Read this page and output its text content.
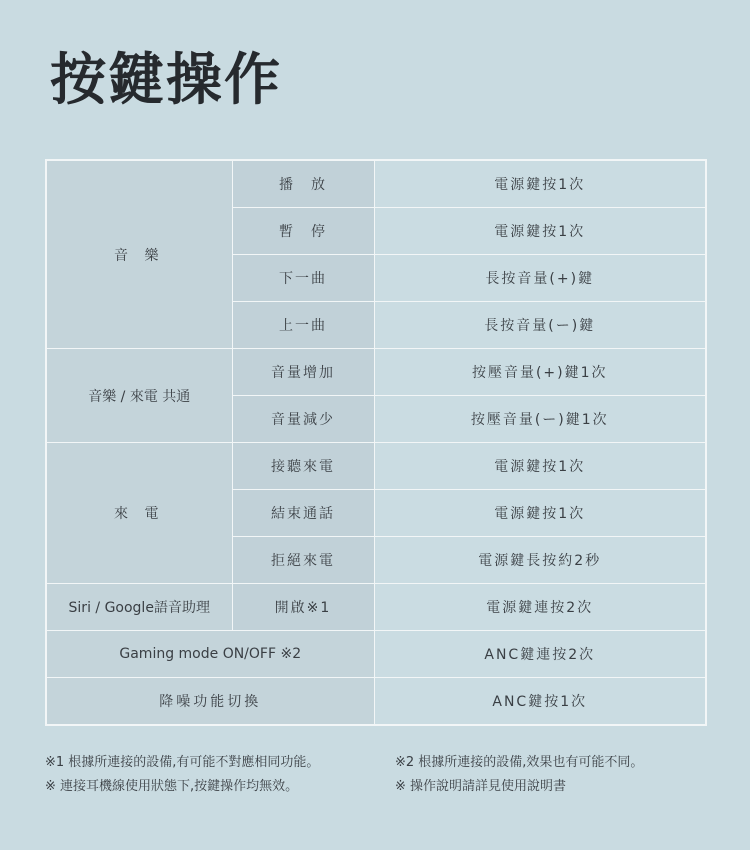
按鍵操作
音 樂	播　放	電源鍵按1次
	暫　停	電源鍵按1次
	下一曲	長按音量(+)鍵
	上一曲	長按音量(ー)鍵
音樂 / 來電 共通	音量增加	按壓音量(+)鍵1次
	音量減少	按壓音量(ー)鍵1次
來 電	接聽來電	電源鍵按1次
	結束通話	電源鍵按1次
	拒絕來電	電源鍵長按約2秒
Siri / Google語音助理	開啟※1	電源鍵連按2次
Gaming mode ON/OFF ※2		ANC鍵連按2次
降噪功能切換		ANC鍵按1次
※1 根據所連接的設備,有可能不對應相同功能。	※2 根據所連接的設備,效果也有可能不同。
※ 連接耳機線使用狀態下,按鍵操作均無效。	※ 操作說明請詳見使用說明書
